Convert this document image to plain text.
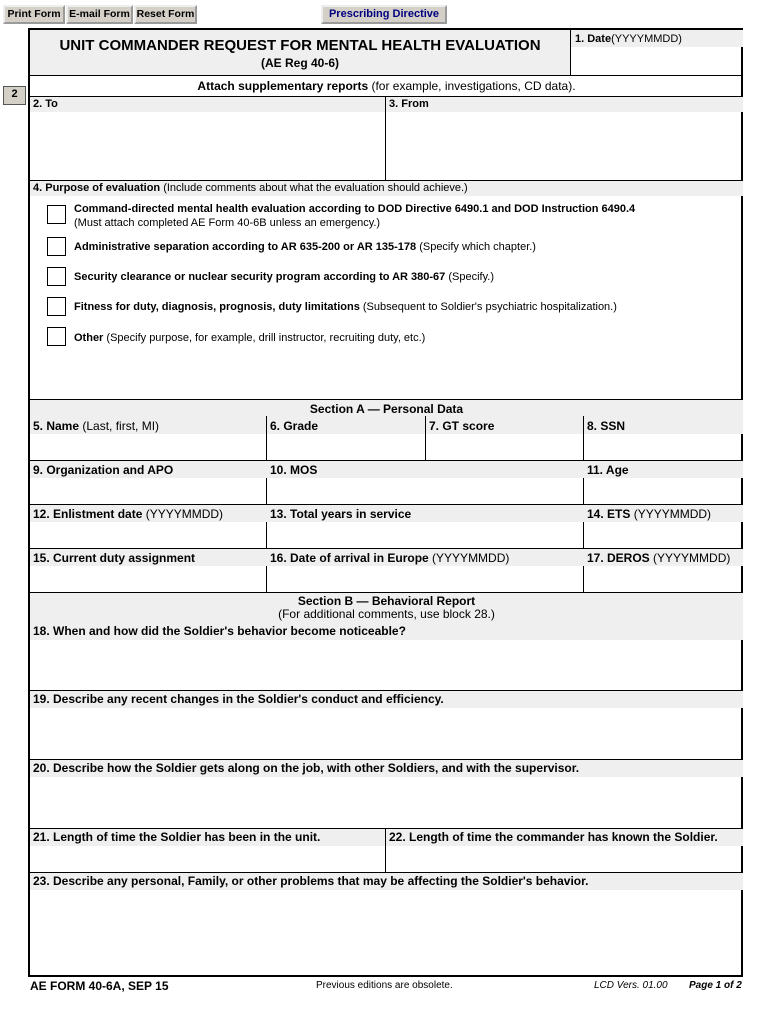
Print Form E-mail Form Reset Form	Prescribing Directive
2
UNIT COMMANDER REQUEST FOR MENTAL HEALTH EVALUATION
(AE Reg 40-6)
1. Date(YYYYMMDD)
Attach supplementary reports (for example, investigations, CD data).
2. To	3. From
4. Purpose of evaluation (Include comments about what the evaluation should achieve.)
Command-directed mental health evaluation according to DOD Directive 6490.1 and DOD Instruction 6490.4
(Must attach completed AE Form 40-6B unless an emergency.)
Administrative separation according to AR 635-200 or AR 135-178 (Specify which chapter.)
Security clearance or nuclear security program according to AR 380-67 (Specify.)
Fitness for duty, diagnosis, prognosis, duty limitations (Subsequent to Soldier's psychiatric hospitalization.)
Other (Specify purpose, for example, drill instructor, recruiting duty, etc.)
Section A — Personal Data
5. Name (Last, first, MI)	6. Grade	7. GT score	8. SSN
9. Organization and APO	10. MOS	11. Age
12. Enlistment date (YYYYMMDD)	13. Total years in service	14. ETS (YYYYMMDD)
15. Current duty assignment	16. Date of arrival in Europe (YYYYMMDD)	17. DEROS (YYYYMMDD)
Section B — Behavioral Report
(For additional comments, use block 28.)
18. When and how did the Soldier's behavior become noticeable?
19. Describe any recent changes in the Soldier's conduct and efficiency.
20. Describe how the Soldier gets along on the job, with other Soldiers, and with the supervisor.
21. Length of time the Soldier has been in the unit.	22. Length of time the commander has known the Soldier.
23. Describe any personal, Family, or other problems that may be affecting the Soldier's behavior.
AE FORM 40-6A, SEP 15	Previous editions are obsolete.	LCD Vers. 01.00 Page 1 of 2
